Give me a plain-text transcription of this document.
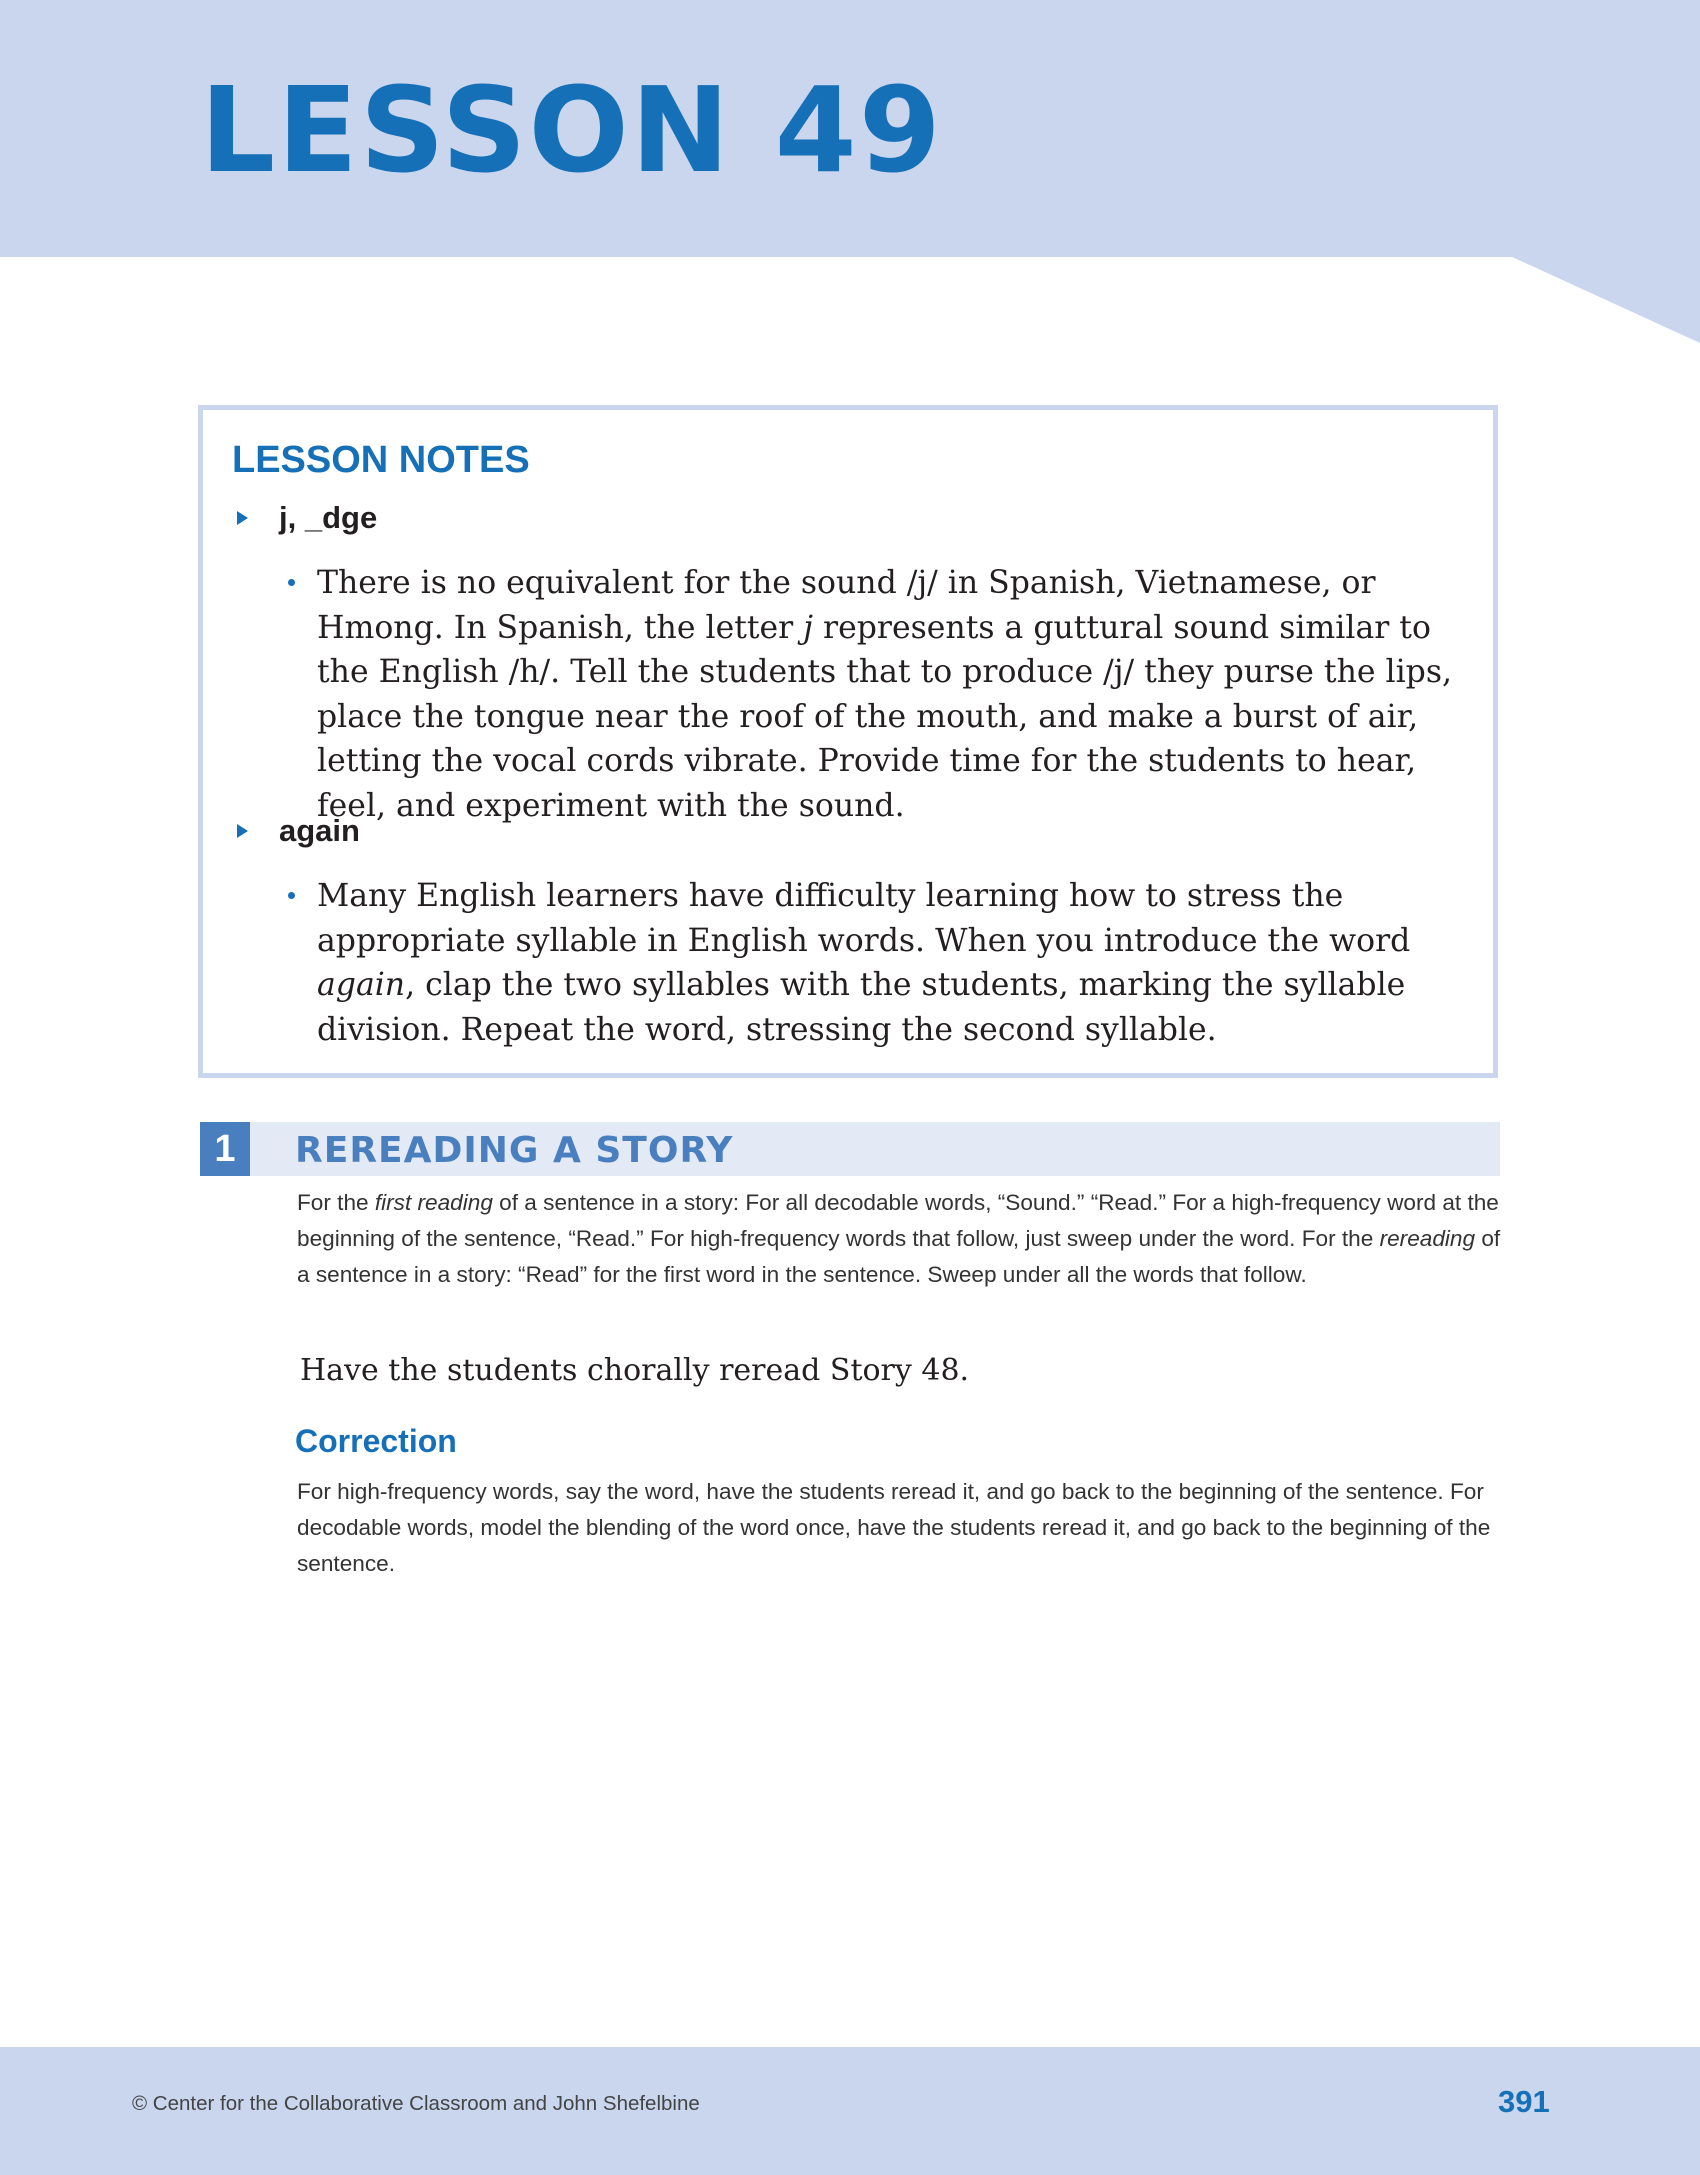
LESSON 49
LESSON NOTES
j, _dge
There is no equivalent for the sound /j/ in Spanish, Vietnamese, or Hmong. In Spanish, the letter j represents a guttural sound similar to the English /h/. Tell the students that to produce /j/ they purse the lips, place the tongue near the roof of the mouth, and make a burst of air, letting the vocal cords vibrate. Provide time for the students to hear, feel, and experiment with the sound.
again
Many English learners have difficulty learning how to stress the appropriate syllable in English words. When you introduce the word again, clap the two syllables with the students, marking the syllable division. Repeat the word, stressing the second syllable.
1	REREADING A STORY
For the first reading of a sentence in a story: For all decodable words, “Sound.” “Read.” For a high-frequency word at the beginning of the sentence, “Read.” For high-frequency words that follow, just sweep under the word. For the rereading of a sentence in a story: “Read” for the first word in the sentence. Sweep under all the words that follow.
Have the students chorally reread Story 48.
Correction
For high-frequency words, say the word, have the students reread it, and go back to the beginning of the sentence. For decodable words, model the blending of the word once, have the students reread it, and go back to the beginning of the sentence.
© Center for the Collaborative Classroom and John Shefelbine	391
